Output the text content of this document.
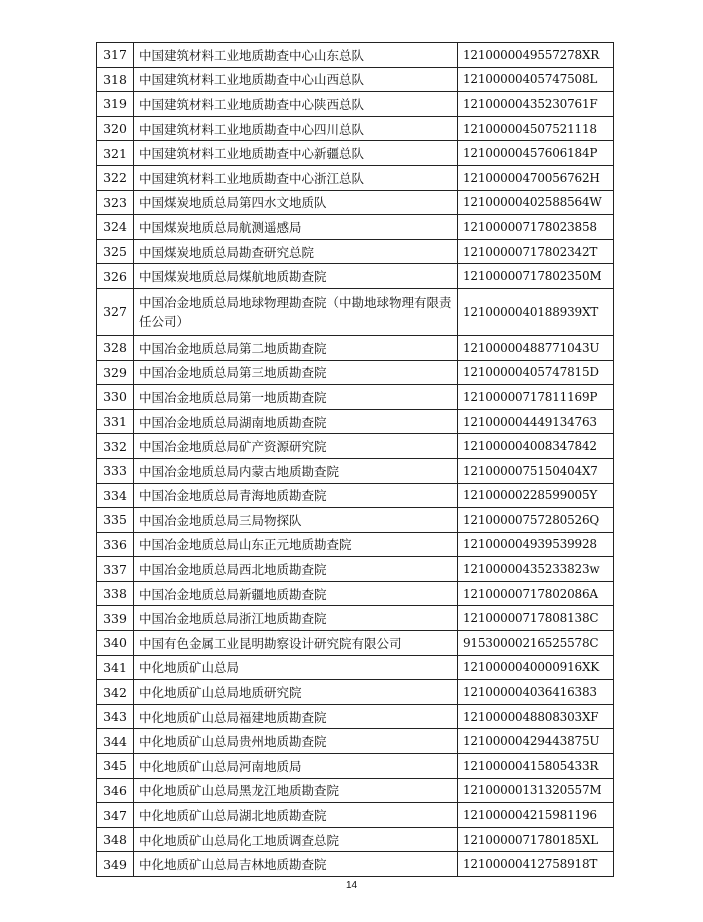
317	中国建筑材料工业地质勘查中心山东总队	1210000049557278XR
318	中国建筑材料工业地质勘查中心山西总队	12100000405747508L
319	中国建筑材料工业地质勘查中心陕西总队	12100000435230761F
320	中国建筑材料工业地质勘查中心四川总队	121000004507521118
321	中国建筑材料工业地质勘查中心新疆总队	12100000457606184P
322	中国建筑材料工业地质勘查中心浙江总队	12100000470056762H
323	中国煤炭地质总局第四水文地质队	12100000402588564W
324	中国煤炭地质总局航测遥感局	121000007178023858
325	中国煤炭地质总局勘查研究总院	12100000717802342T
326	中国煤炭地质总局煤航地质勘查院	12100000717802350M
327	中国冶金地质总局地球物理勘查院（中勘地球物理有限责任公司）	1210000040188939XT
328	中国冶金地质总局第二地质勘查院	12100000488771043U
329	中国冶金地质总局第三地质勘查院	12100000405747815D
330	中国冶金地质总局第一地质勘查院	12100000717811169P
331	中国冶金地质总局湖南地质勘查院	121000004449134763
332	中国冶金地质总局矿产资源研究院	121000004008347842
333	中国冶金地质总局内蒙古地质勘查院	1210000075150404X7
334	中国冶金地质总局青海地质勘查院	12100000228599005Y
335	中国冶金地质总局三局物探队	12100000757280526Q
336	中国冶金地质总局山东正元地质勘查院	121000004939539928
337	中国冶金地质总局西北地质勘查院	12100000435233823w
338	中国冶金地质总局新疆地质勘查院	12100000717802086A
339	中国冶金地质总局浙江地质勘查院	12100000717808138C
340	中国有色金属工业昆明勘察设计研究院有限公司	91530000216525578C
341	中化地质矿山总局	1210000040000916XK
342	中化地质矿山总局地质研究院	121000004036416383
343	中化地质矿山总局福建地质勘查院	1210000048808303XF
344	中化地质矿山总局贵州地质勘查院	12100000429443875U
345	中化地质矿山总局河南地质局	12100000415805433R
346	中化地质矿山总局黑龙江地质勘查院	12100000131320557M
347	中化地质矿山总局湖北地质勘查院	121000004215981196
348	中化地质矿山总局化工地质调查总院	1210000071780185XL
349	中化地质矿山总局吉林地质勘查院	12100000412758918T
14
